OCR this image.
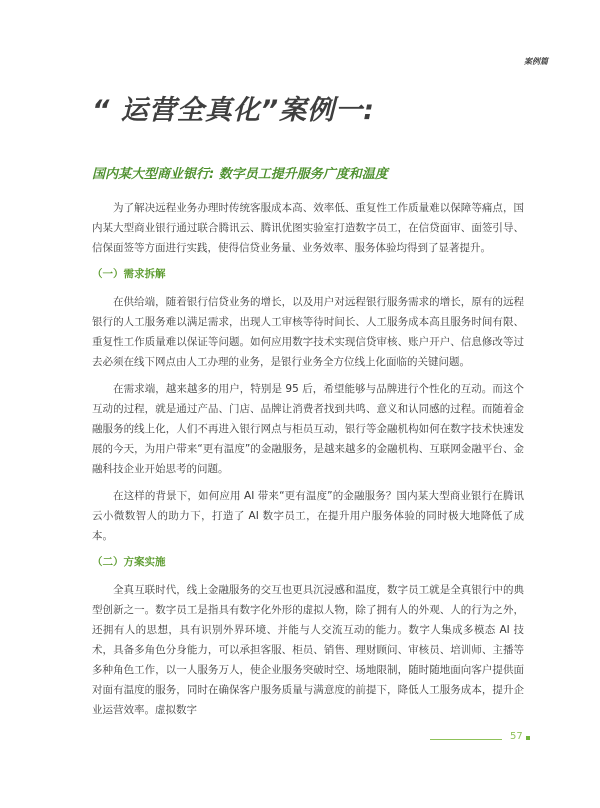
案例篇
“ 运营全真化”案例一:
国内某大型商业银行: 数字员工提升服务广度和温度

为了解决远程业务办理时传统客服成本高、效率低、重复性工作质量难以保障等痛点，国内某大型商业银行通过联合腾讯云、腾讯优图实验室打造数字员工，在信贷面审、面签引导、信保面签等方面进行实践，使得信贷业务量、业务效率、服务体验均得到了显著提升。

（一）需求拆解

在供给端，随着银行信贷业务的增长，以及用户对远程银行服务需求的增长，原有的远程银行的人工服务难以满足需求，出现人工审核等待时间长、人工服务成本高且服务时间有限、重复性工作质量难以保证等问题。如何应用数字技术实现信贷审核、账户开户、信息修改等过去必须在线下网点由人工办理的业务，是银行业务全方位线上化面临的关键问题。

在需求端，越来越多的用户，特别是 95 后，希望能够与品牌进行个性化的互动。而这个互动的过程，就是通过产品、门店、品牌让消费者找到共鸣、意义和认同感的过程。而随着金融服务的线上化，人们不再进入银行网点与柜员互动，银行等金融机构如何在数字技术快速发展的今天，为用户带来“更有温度”的金融服务，是越来越多的金融机构、互联网金融平台、金融科技企业开始思考的问题。

在这样的背景下，如何应用 AI 带来“更有温度”的金融服务？国内某大型商业银行在腾讯云小微数智人的助力下，打造了 AI 数字员工，在提升用户服务体验的同时极大地降低了成本。

（二）方案实施

全真互联时代，线上金融服务的交互也更具沉浸感和温度，数字员工就是全真银行中的典型创新之一。数字员工是指具有数字化外形的虚拟人物，除了拥有人的外观、人的行为之外，还拥有人的思想，具有识别外界环境、并能与人交流互动的能力。数字人集成多模态 AI 技术，具备多角色分身能力，可以承担客服、柜员、销售、理财顾问、审核员、培训师、主播等多种角色工作，以一人服务万人，使企业服务突破时空、场地限制，随时随地面向客户提供面对面有温度的服务，同时在确保客户服务质量与满意度的前提下，降低人工服务成本，提升企业运营效率。虚拟数字

57
